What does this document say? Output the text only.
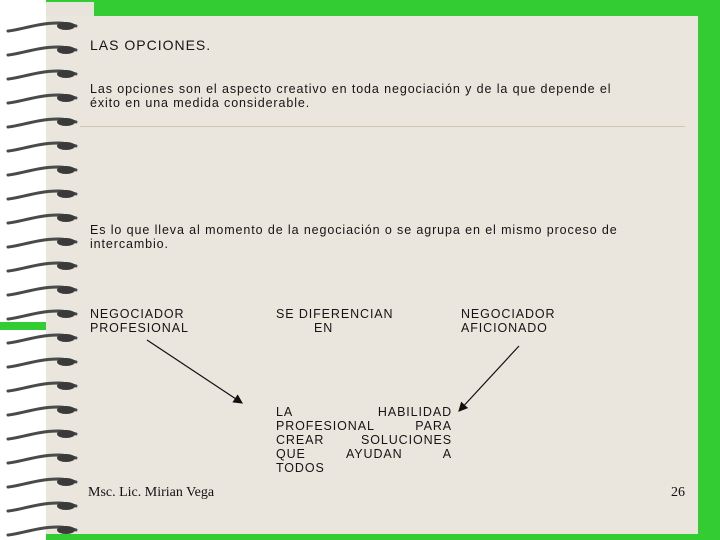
LAS OPCIONES.
Las opciones son el aspecto creativo en toda negociación y de la que depende el
éxito en una medida considerable.
Es lo que lleva al momento de la negociación o se agrupa en el mismo proceso de
intercambio.
NEGOCIADOR
PROFESIONAL
SE DIFERENCIAN
EN
NEGOCIADOR
AFICIONADO
LA	HABILIDAD
PROFESIONAL	PARA
CREAR	SOLUCIONES
QUE	AYUDAN	A
TODOS
Msc. Lic. Mirian Vega	26
